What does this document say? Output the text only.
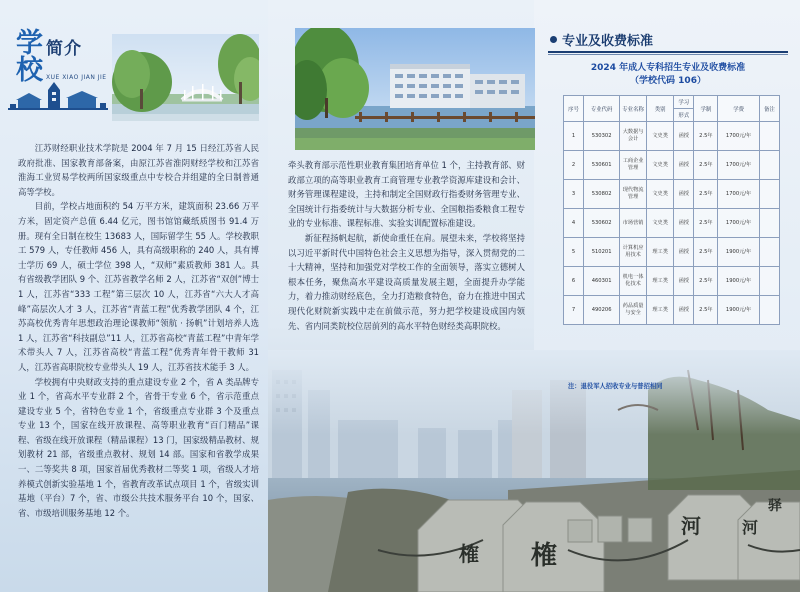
学
校
简介
XUE XIAO JIAN JIE
榷 榷
河	河
驿

江苏财经职业技术学院是 2004 年 7 月 15 日经江苏省人民政府批准、国家教育部备案，由原江苏省淮阴财经学校和江苏省淮海工业贸易学校两所国家级重点中专校合并组建的全日制普通高等学校。

目前，学校占地面积约 54 万平方米，建筑面积 23.66 万平方米，固定资产总值 6.44 亿元，图书馆馆藏纸质图书 91.4 万册。现有全日制在校生 13683 人，国际留学生 55 人。学校教职工 579 人，专任教师 456 人，具有高级职称的 240 人，具有博士学历 69 人，硕士学位 398 人，“双师”素质教师 381 人。具有省级教学团队 9 个、江苏省教学名师 2 人，江苏省“双创”博士 1 人，江苏省“333 工程”第三层次 10 人，江苏省“六大人才高峰”高层次人才 3 人，江苏省“青蓝工程”优秀教学团队 4 个，江苏高校优秀青年思想政治理论课教师“领航 · 扬帆”计划培养人选 1 人，江苏省“科技副总”11 人，江苏省高校“青蓝工程”中青年学术带头人 7 人，江苏省高校“青蓝工程”优秀青年骨干教师 31 人，江苏省高职院校专业带头人 19 人，江苏省技术能手 3 人。

学校拥有中央财政支持的重点建设专业 2 个，省 A 类品牌专业 1 个，省高水平专业群 2 个，省骨干专业 6 个，省示范重点建设专业 5 个，省特色专业 1 个，省级重点专业群 3 个及重点专业 13 个，国家在线开放课程、高等职业教育“百门精品”课程、省级在线开放课程（精品课程）13 门，国家级精品教材、规划教材 21 部，省级重点教材、规划 14 部。国家和省教学成果一、二等奖共 8 项，国家首届优秀教材二等奖 1 项，省级人才培养模式创新实验基地 1 个，省教育改革试点项目 1 个，省级实训基地（平台）7 个，省、市级公共技术服务平台 10 个，国家、省、市级培训服务基地 12 个。

牵头教育部示范性职业教育集团培育单位 1 个，主持教育部、财政部立项的高等职业教育工商管理专业教学资源库建设和会计、财务管理课程建设，主持和制定全国财政行指委财务管理专业、全国统计行指委统计与大数据分析专业、全国粮指委粮食工程专业的专业标准、课程标准、实验实训配置标准建设。

新征程扬帆起航，新使命重任在肩。展望未来，学校将坚持以习近平新时代中国特色社会主义思想为指导，深入贯彻党的二十大精神，坚持和加强党对学校工作的全面领导，落实立德树人根本任务，聚焦高水平建设高质量发展主题，全面提升办学能力，着力推动财经底色，全力打造粮食特色，奋力在推进中国式现代化财院新实践中走在前做示范，努力把学校建设成国内领先、省内同类院校位居前列的高水平特色财经类高职院校。

专业及收费标准
2024 年成人专科招生专业及收费标准
（学校代码 106）
序号	专业代码	专业名称	类别	学习	学制	学费	备注
				形式			
1	530302	大数据与会计	文史类	函授	2.5年	1700元/年	
2	530601	工商企业管理	文史类	函授	2.5年	1700元/年	
3	530802	现代物流管理	文史类	函授	2.5年	1700元/年	
4	530602	市场营销	文史类	函授	2.5年	1700元/年	
5	510201	计算机应用技术	理工类	函授	2.5年	1900元/年	
6	460301	机电一体化技术	理工类	函授	2.5年	1900元/年	
7	490206	药品质量与安全	理工类	函授	2.5年	1900元/年	
注：退役军人招收专业与普招相同
